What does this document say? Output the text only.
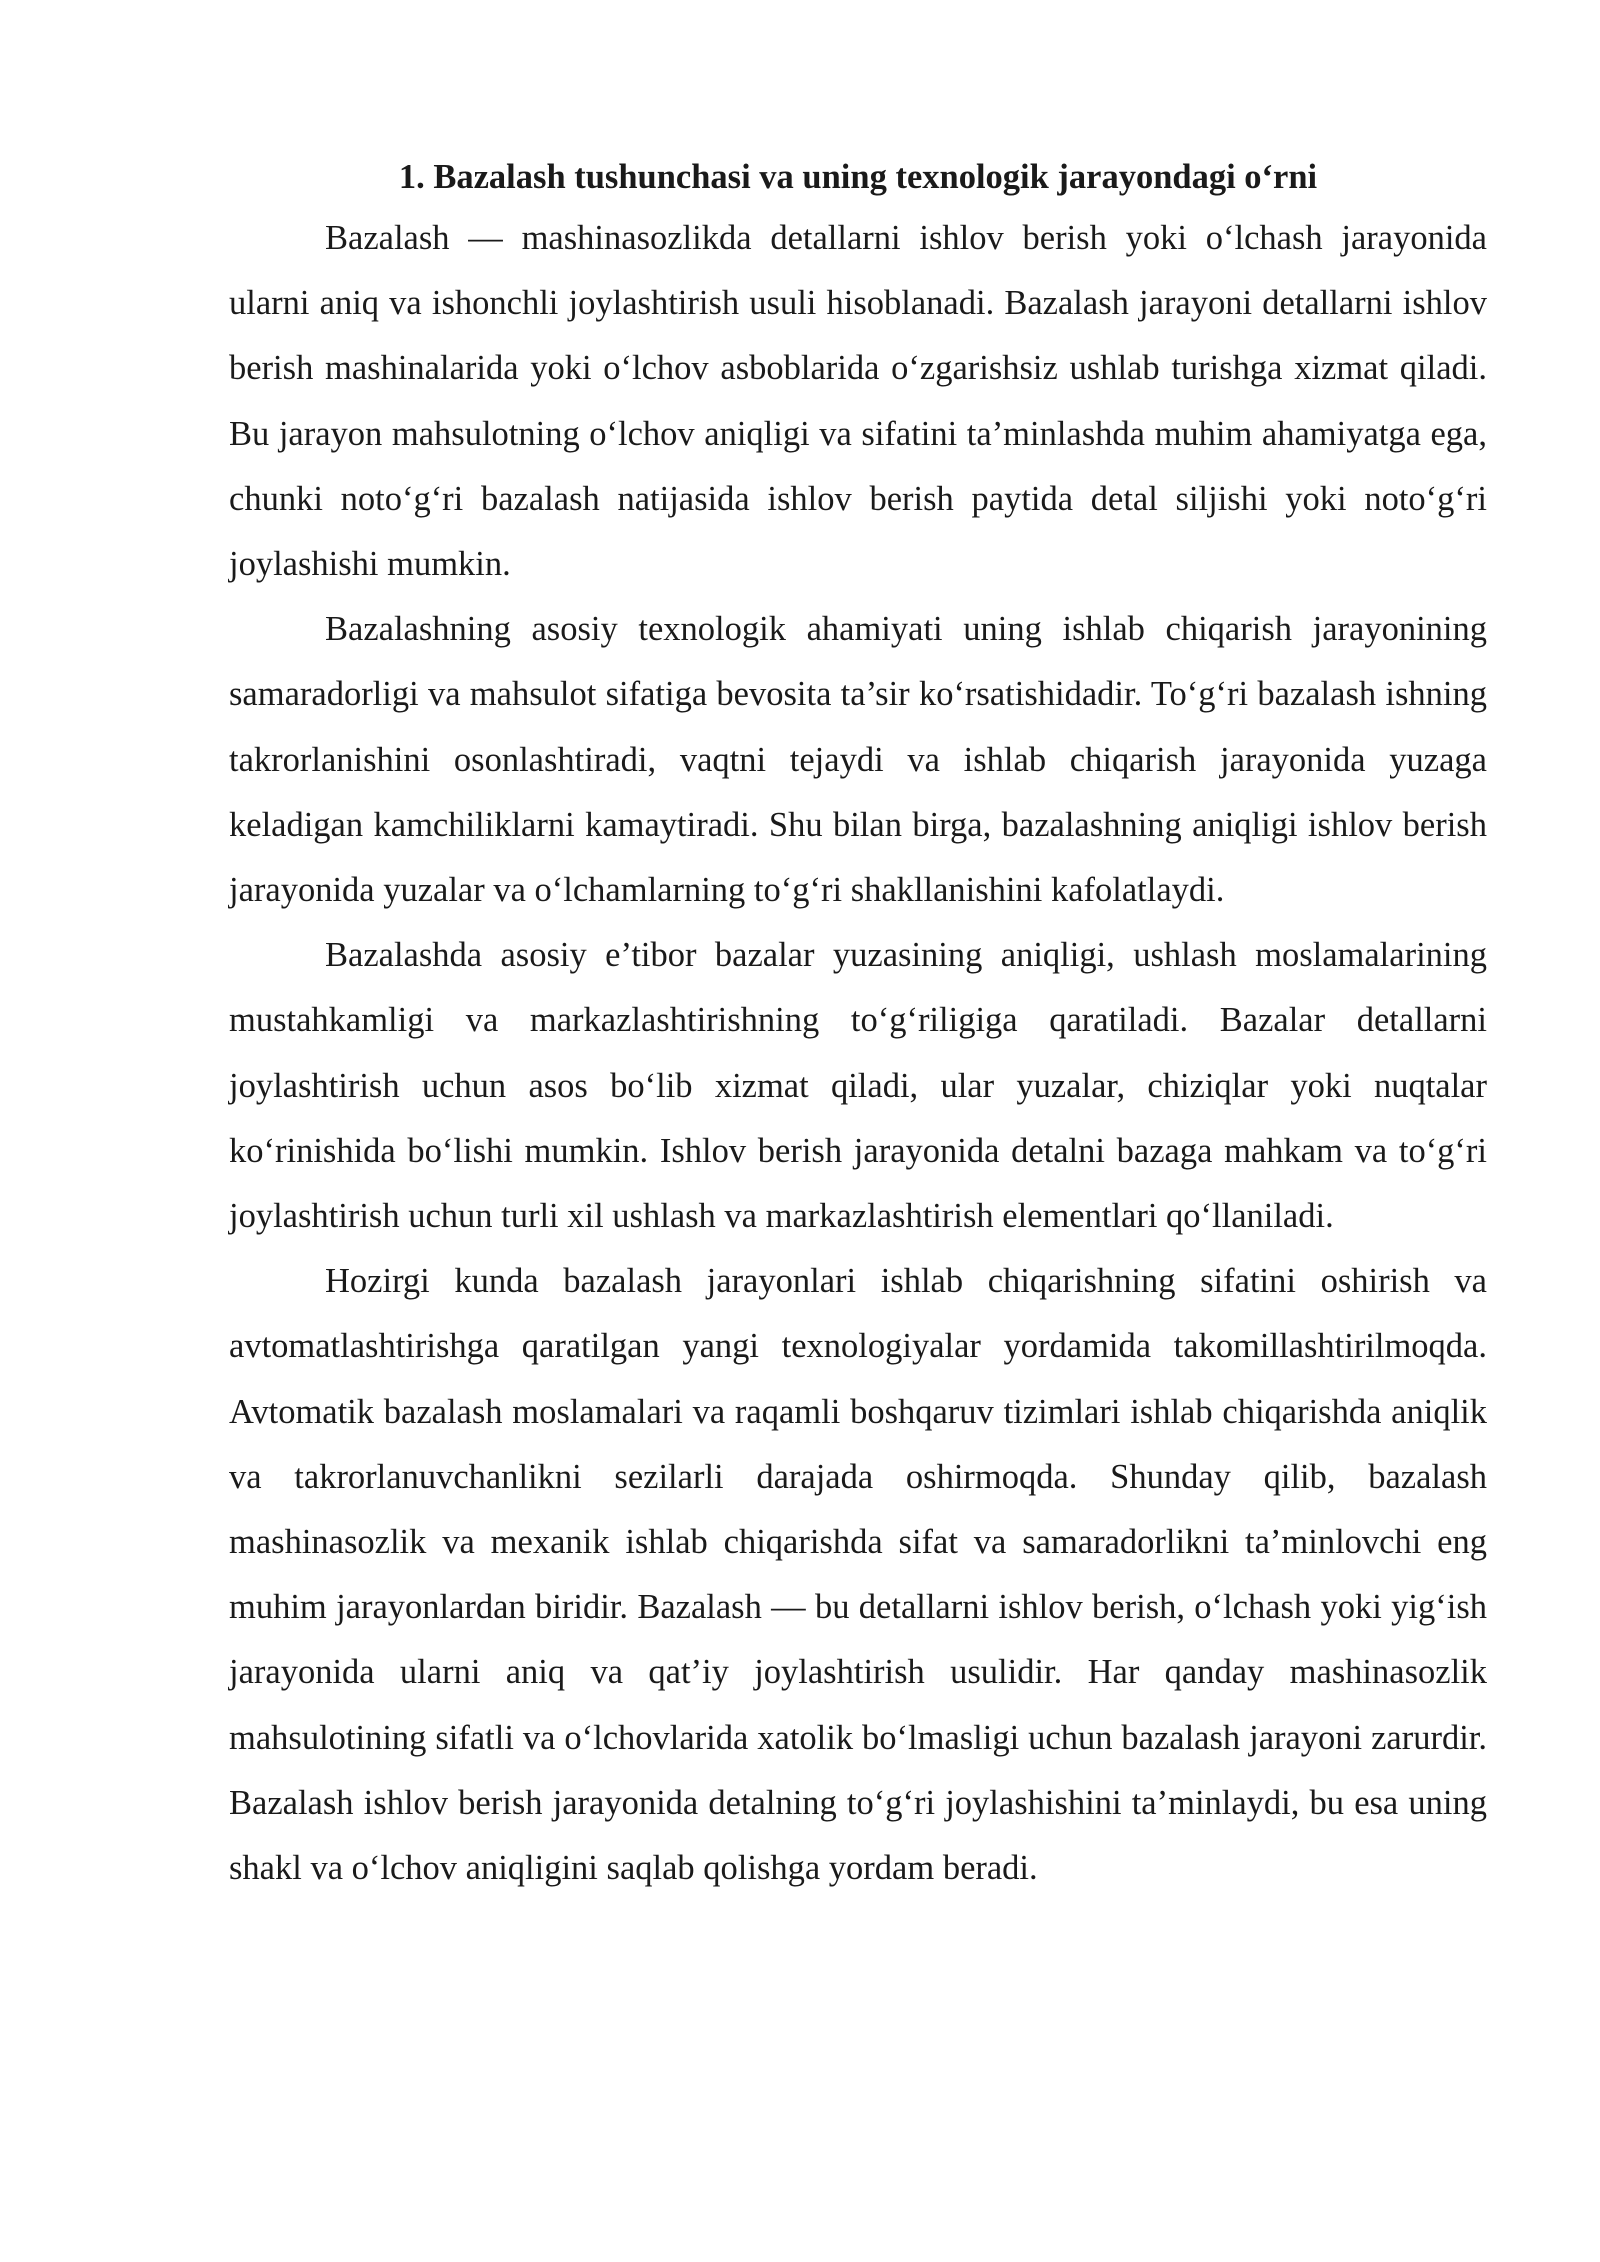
1. Bazalash tushunchasi va uning texnologik jarayondagi o‘rni

Bazalash — mashinasozlikda detallarni ishlov berish yoki o‘lchash jarayonida ularni aniq va ishonchli joylashtirish usuli hisoblanadi. Bazalash jarayoni detallarni ishlov berish mashinalarida yoki o‘lchov asboblarida o‘zgarishsiz ushlab turishga xizmat qiladi. Bu jarayon mahsulotning o‘lchov aniqligi va sifatini ta’minlashda muhim ahamiyatga ega, chunki noto‘g‘ri bazalash natijasida ishlov berish paytida detal siljishi yoki noto‘g‘ri joylashishi mumkin.

Bazalashning asosiy texnologik ahamiyati uning ishlab chiqarish jarayonining samaradorligi va mahsulot sifatiga bevosita ta’sir ko‘rsatishidadir. To‘g‘ri bazalash ishning takrorlanishini osonlashtiradi, vaqtni tejaydi va ishlab chiqarish jarayonida yuzaga keladigan kamchiliklarni kamaytiradi. Shu bilan birga, bazalashning aniqligi ishlov berish jarayonida yuzalar va o‘lchamlarning to‘g‘ri shakllanishini kafolatlaydi.

Bazalashda asosiy e’tibor bazalar yuzasining aniqligi, ushlash moslamalarining mustahkamligi va markazlashtirishning to‘g‘riligiga qaratiladi. Bazalar detallarni joylashtirish uchun asos bo‘lib xizmat qiladi, ular yuzalar, chiziqlar yoki nuqtalar ko‘rinishida bo‘lishi mumkin. Ishlov berish jarayonida detalni bazaga mahkam va to‘g‘ri joylashtirish uchun turli xil ushlash va markazlashtirish elementlari qo‘llaniladi.

Hozirgi kunda bazalash jarayonlari ishlab chiqarishning sifatini oshirish va avtomatlashtirishga qaratilgan yangi texnologiyalar yordamida takomillashtirilmoqda. Avtomatik bazalash moslamalari va raqamli boshqaruv tizimlari ishlab chiqarishda aniqlik va takrorlanuvchanlikni sezilarli darajada oshirmoqda. Shunday qilib, bazalash mashinasozlik va mexanik ishlab chiqarishda sifat va samaradorlikni ta’minlovchi eng muhim jarayonlardan biridir. Bazalash — bu detallarni ishlov berish, o‘lchash yoki yig‘ish jarayonida ularni aniq va qat’iy joylashtirish usulidir. Har qanday mashinasozlik mahsulotining sifatli va o‘lchovlarida xatolik bo‘lmasligi uchun bazalash jarayoni zarurdir. Bazalash ishlov berish jarayonida detalning to‘g‘ri joylashishini ta’minlaydi, bu esa uning shakl va o‘lchov aniqligini saqlab qolishga yordam beradi.
